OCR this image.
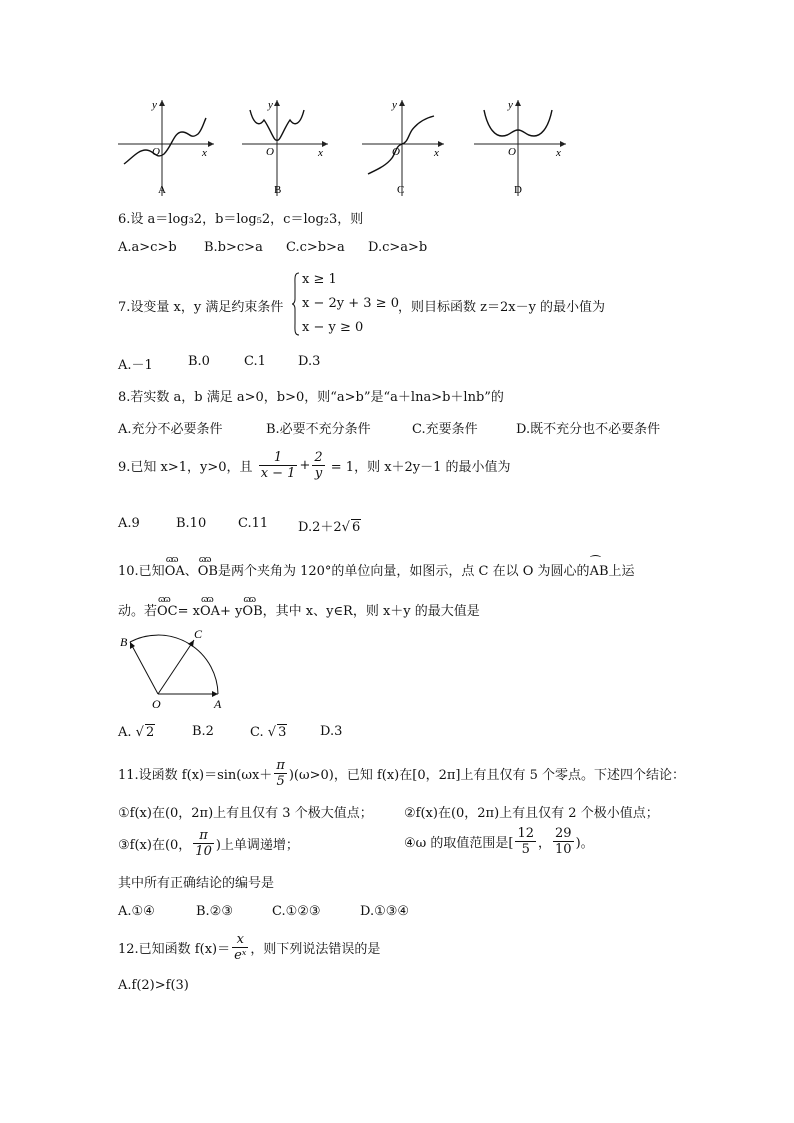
O
y
x
A
O
y
x
B
O
y
x
C
O
y
x
D
6.设 a＝log₃2，b＝log₅2，c＝log₂3，则
A.a>c>b B.b>c>a C.c>b>a D.c>a>b
7.设变量 x，y 满足约束条件
x ≥ 1
x − 2y + 3 ≥ 0
x − y ≥ 0
，则目标函数 z＝2x－y 的最小值为
A.－1	B.0	C.1 D.3
8.若实数 a，b 满足 a>0，b>0，则“a>b”是“a＋lna>b＋lnb”的
A.充分不必要条件	B.必要不充分条件	C.充要条件	D.既不充分也不必要条件
9.已知 x>1，y>0，且 $\frac{1}{x - 1} + \frac{2}{y} = 1$，则 x＋2y－1 的最小值为
A.9	B.10 C.11 D.2＋2√ 6
10.已知ɷɷ OA、ɷɷ OB是两个夹角为 120°的单位向量，如图示，点 C 在以 O 为圆心的⁀ AB上运
动。若ɷɷ OC= xɷɷ OA+ yɷɷ OB，其中 x、y∈R，则 x＋y 的最大值是
B
C
O	A
A. √ 2	B.2	C. √ 3	D.3
11.设函数 $f(x)=\sin(\omega x+ \frac{\pi}{5} )(\omega>0)$，已知 f(x)在[0，2π]上有且仅有 5 个零点。下述四个结论：
①f(x)在(0，2π)上有且仅有 3 个极大值点； ②f(x)在(0，2π)上有且仅有 2 个极小值点；
③f(x)在(0， $\frac{\pi}{10}$ )上单调递增；	④ω 的取值范围是[ $\frac{12}{5}$ ， $\frac{29}{10}$ )。
其中所有正确结论的编号是
A.①④	B.②③	C.①②③	D.①③④
12.已知函数 $f(x)= \frac{x}{\text{eˣ}}$ ，则下列说法错误的是
A.f(2)>f(3)
